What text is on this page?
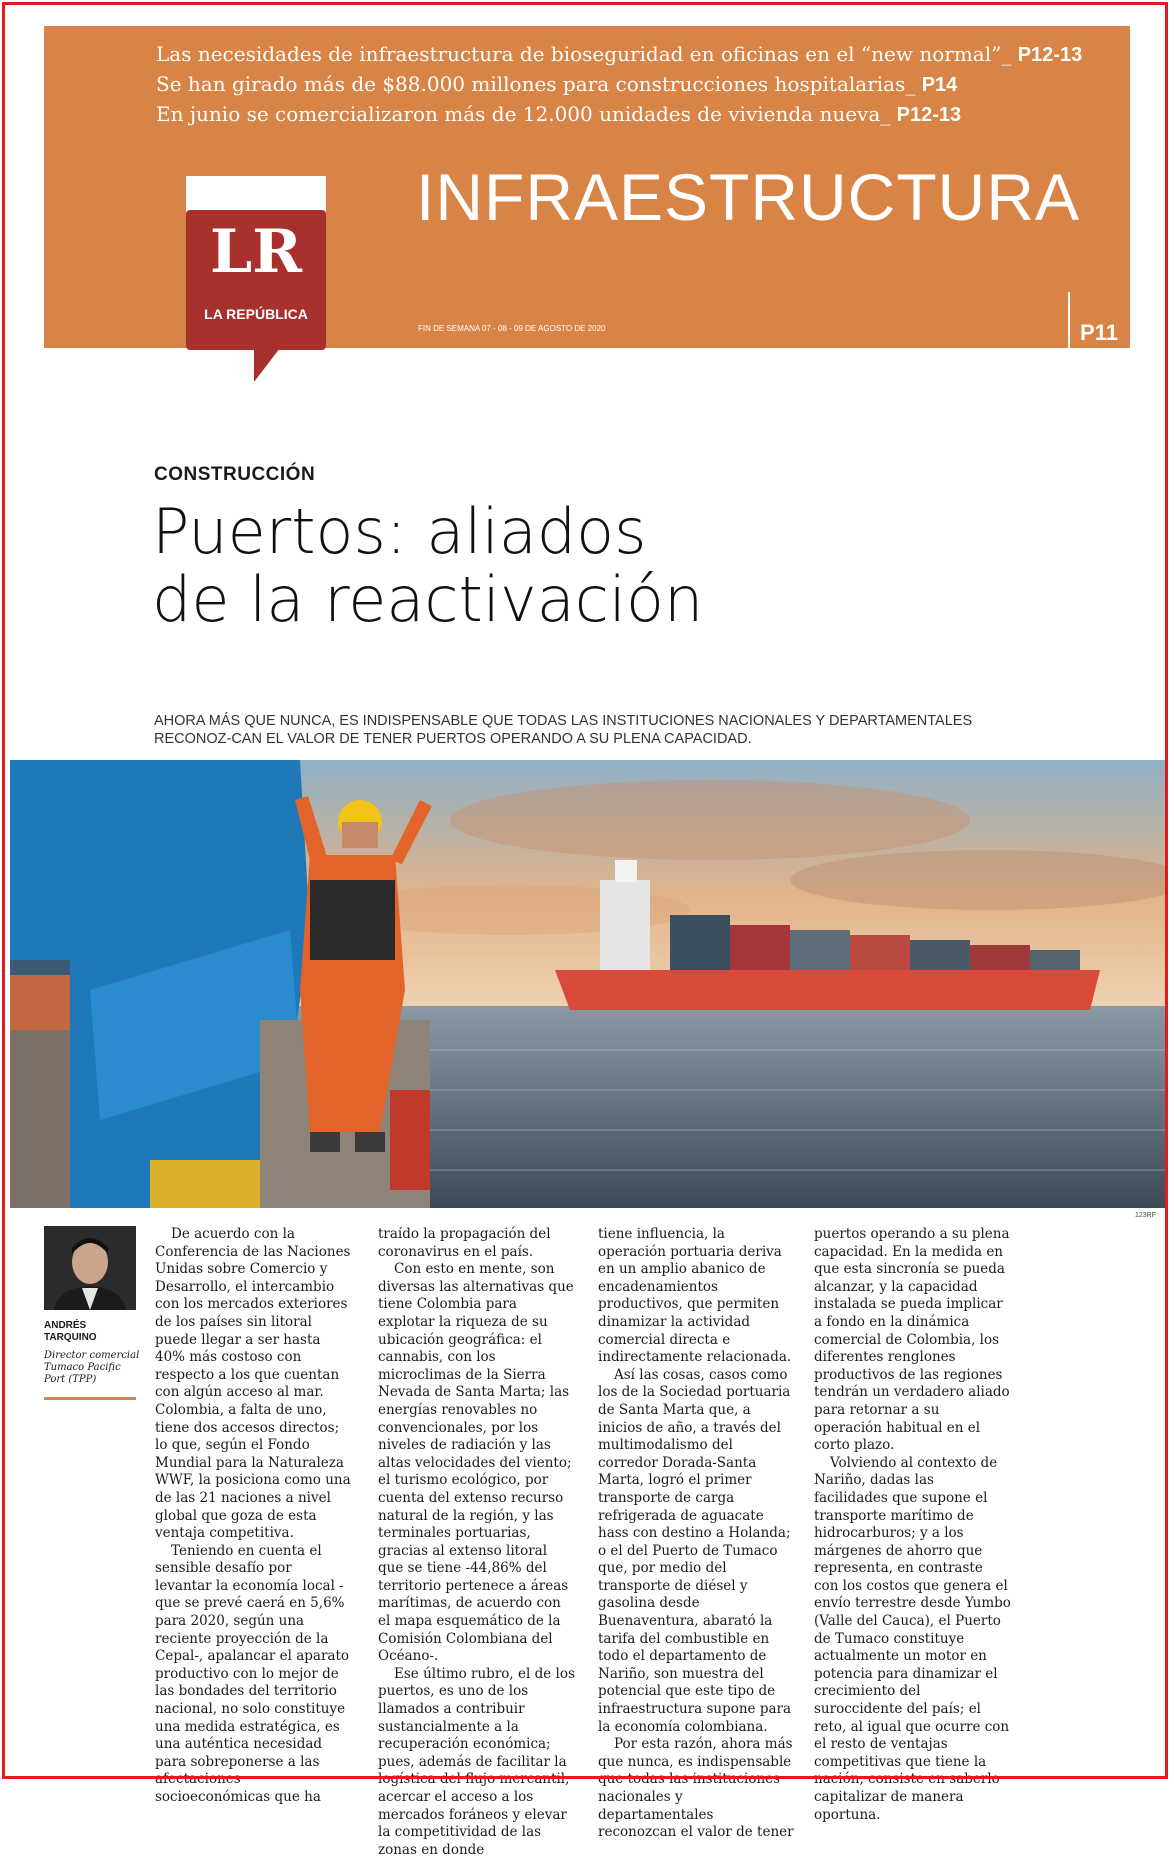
Las necesidades de infraestructura de bioseguridad en oficinas en el “new normal”_ P12-13
Se han girado más de $88.000 millones para construcciones hospitalarias_ P14
En junio se comercializaron más de 12.000 unidades de vivienda nueva_ P12-13
INFRAESTRUCTURA
FIN DE SEMANA 07 - 08 - 09 DE AGOSTO DE 2020	P11
LR
LA REPÚBLICA
CONSTRUCCIÓN
Puertos: aliados
de la reactivación
AHORA MÁS QUE NUNCA, ES INDISPENSABLE QUE TODAS LAS INSTITUCIONES NACIONALES Y DEPARTAMENTALES RECONOZ-CAN EL VALOR DE TENER PUERTOS OPERANDO A SU PLENA CAPACIDAD.
123RF
ANDRÉS
TARQUINO
Director comercial Tumaco Pacific Port (TPP)

De acuerdo con la Conferencia de las Naciones Unidas sobre Comercio y Desarrollo, el intercambio con los mercados exteriores de los países sin litoral puede llegar a ser hasta 40% más costoso con respecto a los que cuentan con algún acceso al mar. Colombia, a falta de uno, tiene dos accesos directos; lo que, según el Fondo Mundial para la Naturaleza WWF, la posiciona como una de las 21 naciones a nivel global que goza de esta ventaja competitiva.

Teniendo en cuenta el sensible desafío por levantar la economía local -que se prevé caerá en 5,6% para 2020, según una reciente proyección de la Cepal-, apalancar el aparato productivo con lo mejor de las bondades del territorio nacional, no solo constituye una medida estratégica, es una auténtica necesidad para sobreponerse a las afectaciones socioeconómicas que ha

traído la propagación del coronavirus en el país.

Con esto en mente, son diversas las alternativas que tiene Colombia para explotar la riqueza de su ubicación geográfica: el cannabis, con los microclimas de la Sierra Nevada de Santa Marta; las energías renovables no convencionales, por los niveles de radiación y las altas velocidades del viento; el turismo ecológico, por cuenta del extenso recurso natural de la región, y las terminales portuarias, gracias al extenso litoral que se tiene -44,86% del territorio pertenece a áreas marítimas, de acuerdo con el mapa esquemático de la Comisión Colombiana del Océano-.

Ese último rubro, el de los puertos, es uno de los llamados a contribuir sustancialmente a la recuperación económica; pues, además de facilitar la logística del flujo mercantil, acercar el acceso a los mercados foráneos y elevar la competitividad de las zonas en donde

tiene influencia, la operación portuaria deriva en un amplio abanico de encadenamientos productivos, que permiten dinamizar la actividad comercial directa e indirectamente relacionada.

Así las cosas, casos como los de la Sociedad portuaria de Santa Marta que, a inicios de año, a través del multimodalismo del corredor Dorada-Santa Marta, logró el primer transporte de carga refrigerada de aguacate hass con destino a Holanda; o el del Puerto de Tumaco que, por medio del transporte de diésel y gasolina desde Buenaventura, abarató la tarifa del combustible en todo el departamento de Nariño, son muestra del potencial que este tipo de infraestructura supone para la economía colombiana.

Por esta razón, ahora más que nunca, es indispensable que todas las instituciones nacionales y departamentales reconozcan el valor de tener

puertos operando a su plena capacidad. En la medida en que esta sincronía se pueda alcanzar, y la capacidad instalada se pueda implicar a fondo en la dinámica comercial de Colombia, los diferentes renglones productivos de las regiones tendrán un verdadero aliado para retornar a su operación habitual en el corto plazo.

Volviendo al contexto de Nariño, dadas las facilidades que supone el transporte marítimo de hidrocarburos; y a los márgenes de ahorro que representa, en contraste con los costos que genera el envío terrestre desde Yumbo (Valle del Cauca), el Puerto de Tumaco constituye actualmente un motor en potencia para dinamizar el crecimiento del suroccidente del país; el reto, al igual que ocurre con el resto de ventajas competitivas que tiene la nación, consiste en saberlo capitalizar de manera oportuna.
